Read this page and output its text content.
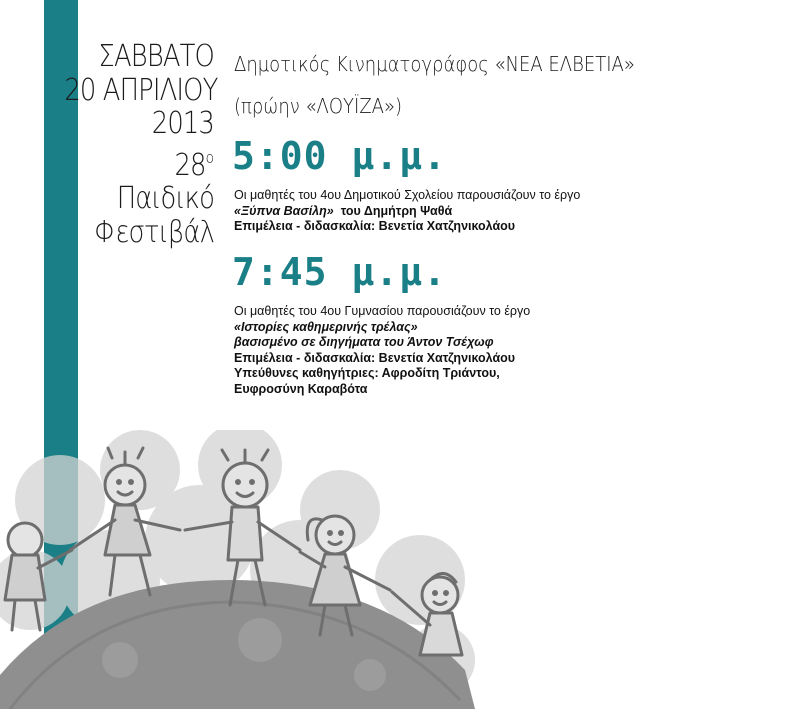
ΣΑΒΒΑΤΟ
20 ΑΠΡΙΛΙΟΥ
2013
$28^o$
Παιδικό
Φεστιβάλ
Δημοτικός Κινηματογράφος «ΝΕΑ ΕΛΒΕΤΙΑ»
(πρώην «ΛΟΥΪΖΑ»)
5:00 μ.μ.
Οι μαθητές του 4ου Δημοτικού Σχολείου παρουσιάζουν το έργο
«Ξύπνα Βασίλη» του Δημήτρη Ψαθά
Επιμέλεια - διδασκαλία: Βενετία Χατζηνικολάου
7:45 μ.μ.
Οι μαθητές του 4ου Γυμνασίου παρουσιάζουν το έργο
«Ιστορίες καθημερινής τρέλας»
βασισμένο σε διηγήματα του Άντον Τσέχωφ
Επιμέλεια - διδασκαλία: Βενετία Χατζηνικολάου
Υπεύθυνες καθηγήτριες: Αφροδίτη Τριάντου,
Ευφροσύνη Καραβότα
